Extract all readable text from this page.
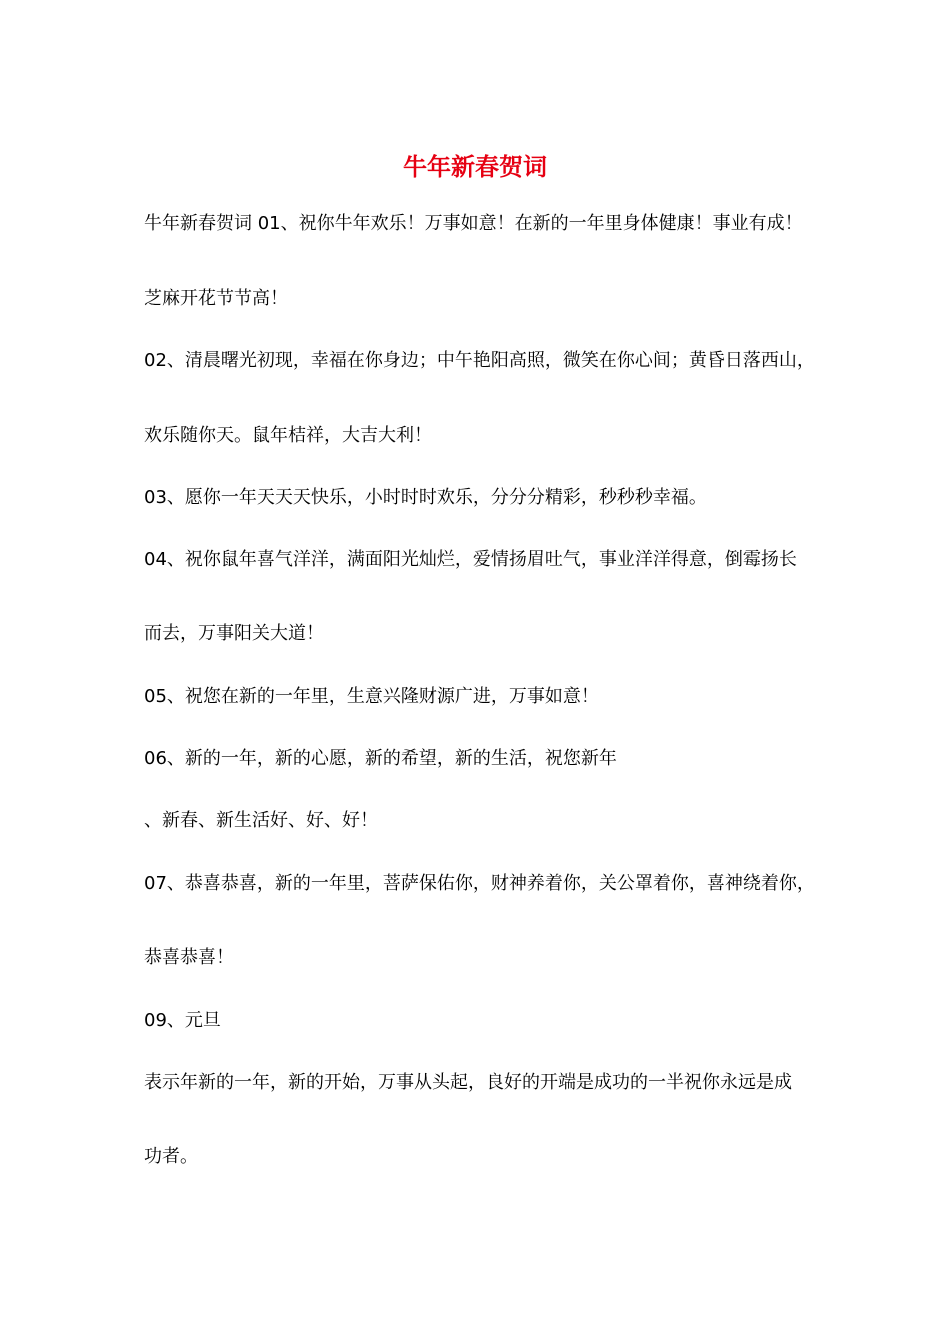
牛年新春贺词

牛年新春贺词 01、祝你牛年欢乐！万事如意！在新的一年里身体健康！事业有成！

芝麻开花节节高！

02、清晨曙光初现，幸福在你身边；中午艳阳高照，微笑在你心间；黄昏日落西山，

欢乐随你天。鼠年桔祥，大吉大利！

03、愿你一年天天天快乐，小时时时欢乐，分分分精彩，秒秒秒幸福。

04、祝你鼠年喜气洋洋，满面阳光灿烂，爱情扬眉吐气，事业洋洋得意，倒霉扬长

而去，万事阳关大道！

05、祝您在新的一年里，生意兴隆财源广进，万事如意！

06、新的一年，新的心愿，新的希望，新的生活，祝您新年

、新春、新生活好、好、好！

07、恭喜恭喜，新的一年里，菩萨保佑你，财神养着你，关公罩着你，喜神绕着你，

恭喜恭喜！

09、元旦

表示年新的一年，新的开始，万事从头起，良好的开端是成功的一半祝你永远是成

功者。
